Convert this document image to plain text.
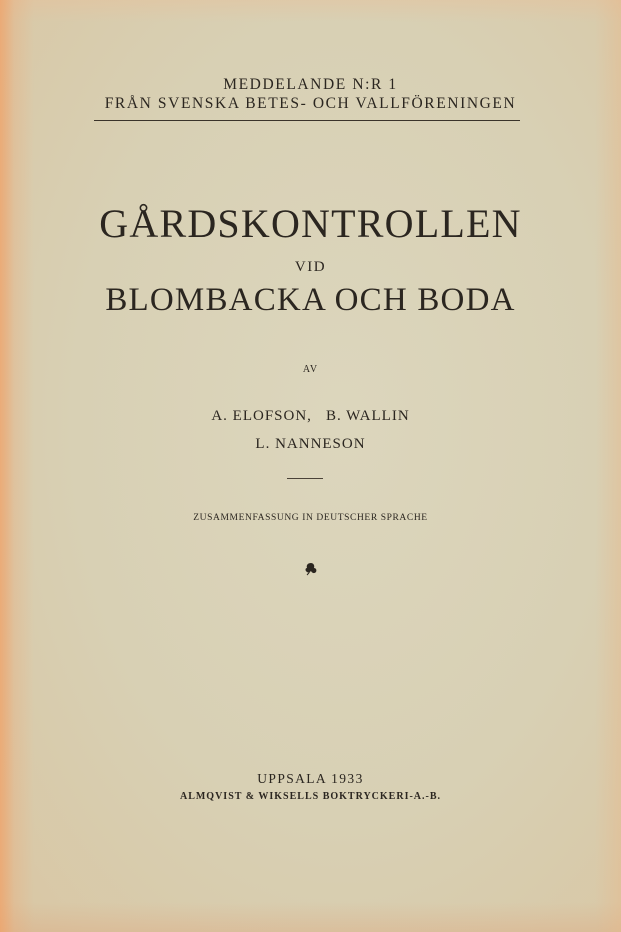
MEDDELANDE N:R 1
FRÅN SVENSKA BETES- OCH VALLFÖRENINGEN
GÅRDSKONTROLLEN
VID
BLOMBACKA OCH BODA
AV
A. ELOFSON, B. WALLIN
L. NANNESON
ZUSAMMENFASSUNG IN DEUTSCHER SPRACHE
UPPSALA 1933
ALMQVIST & WIKSELLS BOKTRYCKERI-A.-B.
